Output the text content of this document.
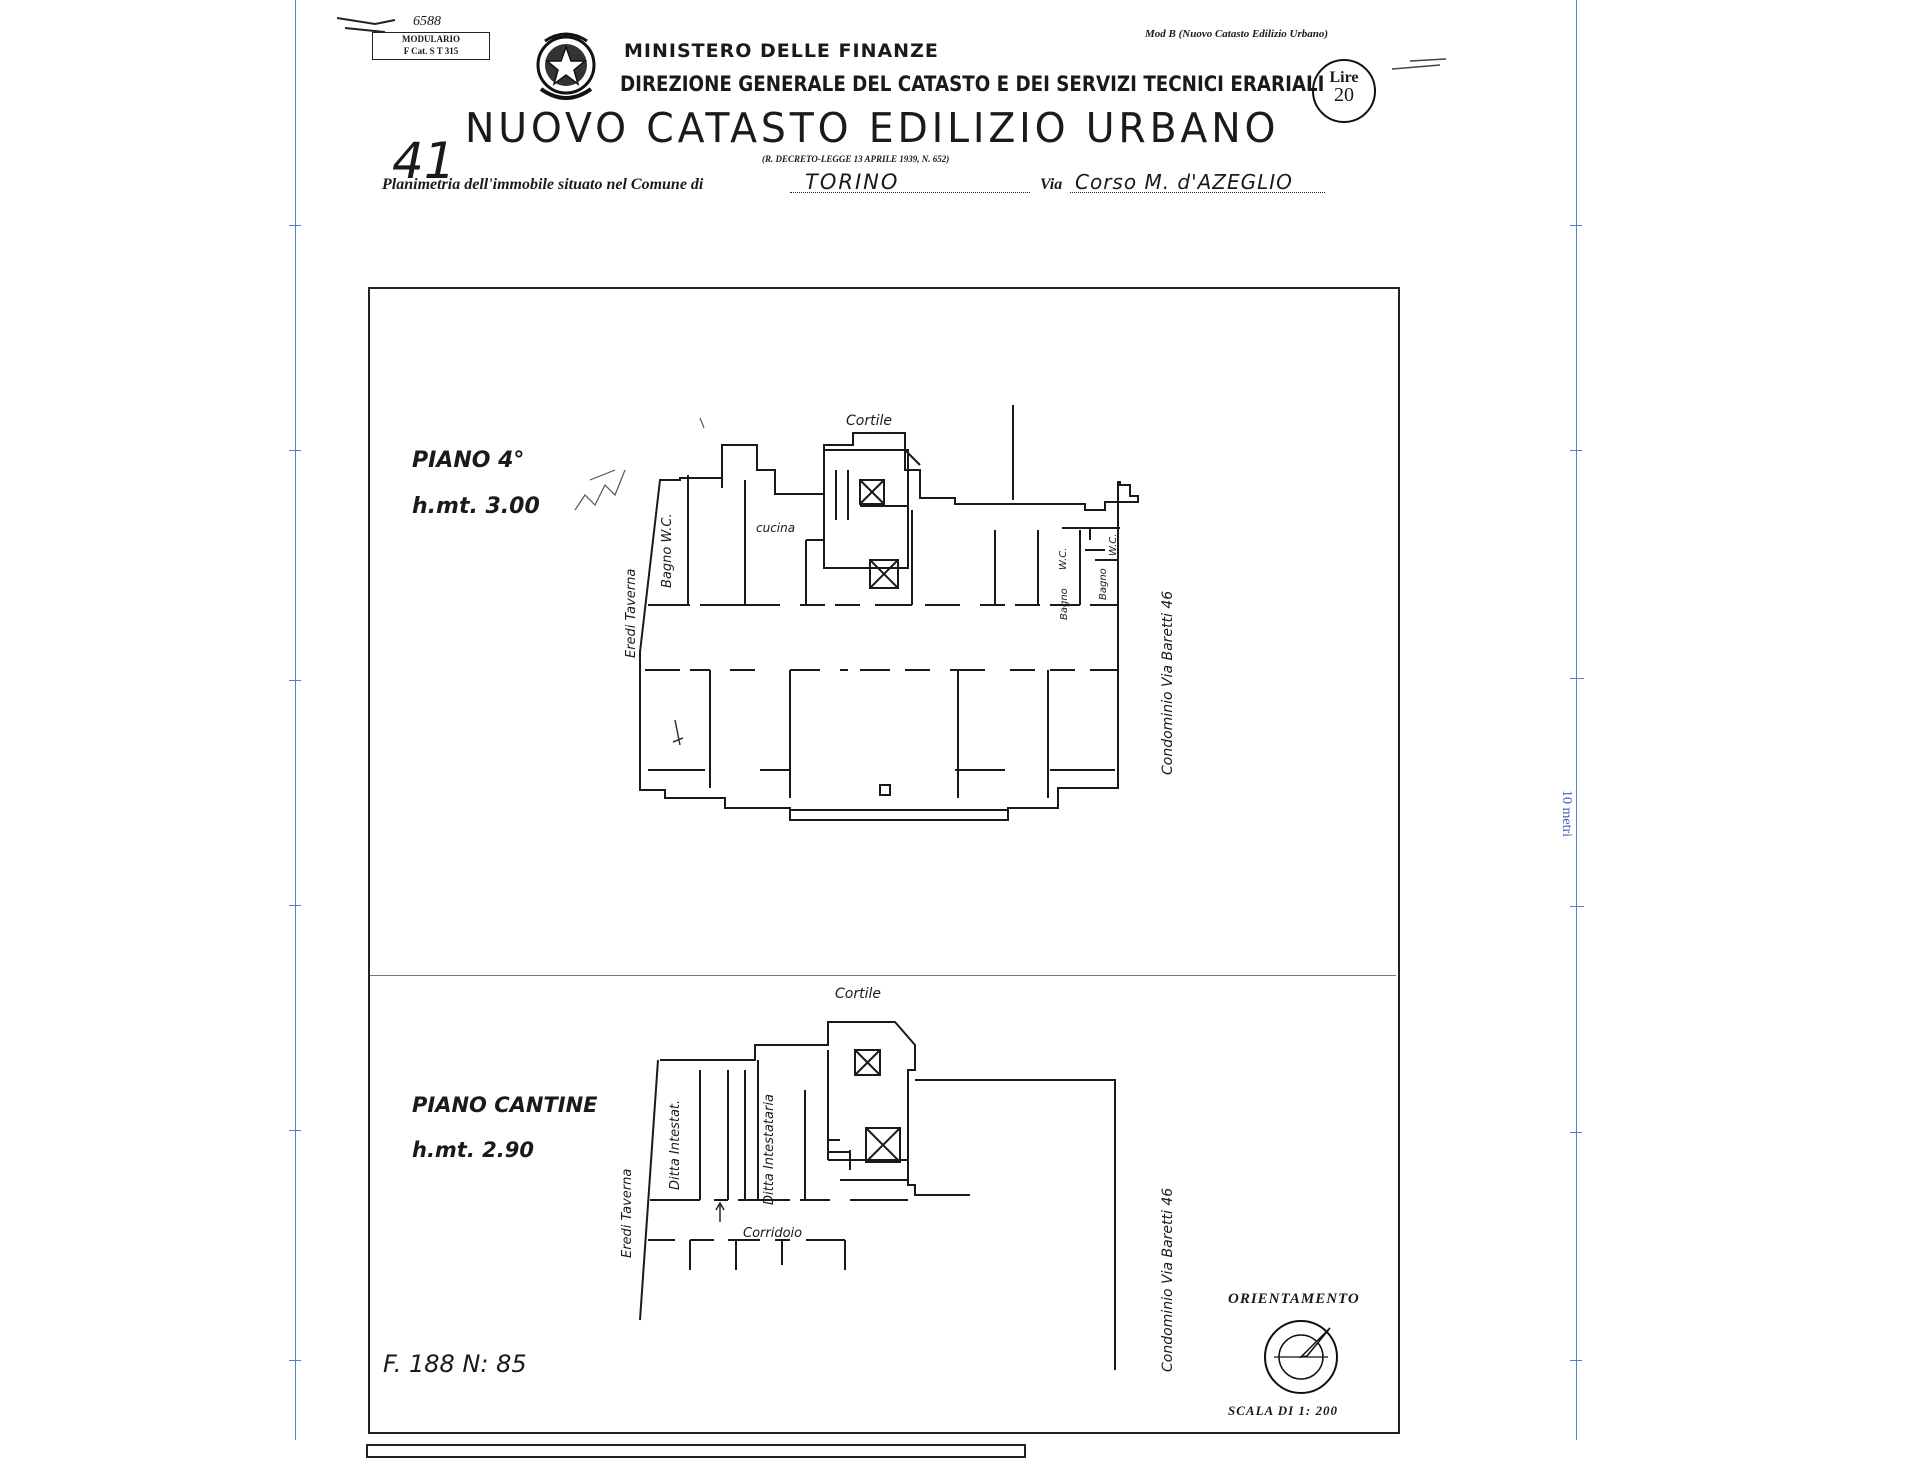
10 metri
6588
MODULARIO
F Cat. S T 315	MINISTERO DELLE FINANZE
DIREZIONE GENERALE DEL CATASTO E DEI SERVIZI TECNICI ERARIALI
Mod B (Nuovo Catasto Edilizio Urbano)
Lire
20
NUOVO CATASTO EDILIZIO URBANO
41	(R. DECRETO-LEGGE 13 APRILE 1939, N. 652)
Planimetria dell'immobile situato nel Comune di	TORINO	Via Corso M. d'AZEGLIO
PIANO 4°
h.mt. 3.00
Cortile
cucina
Bagno W.C.
Bagno
W.C.
Bagno
W.C.
Eredi Taverna	Condominio Via Baretti 46
Cortile
PIANO CANTINE
h.mt. 2.90	Ditta Intestat.	Ditta Intestataria
Corridoio
Eredi Taverna	Condominio Via Baretti 46
F. 188 N: 85
ORIENTAMENTO
SCALA DI 1: 200
